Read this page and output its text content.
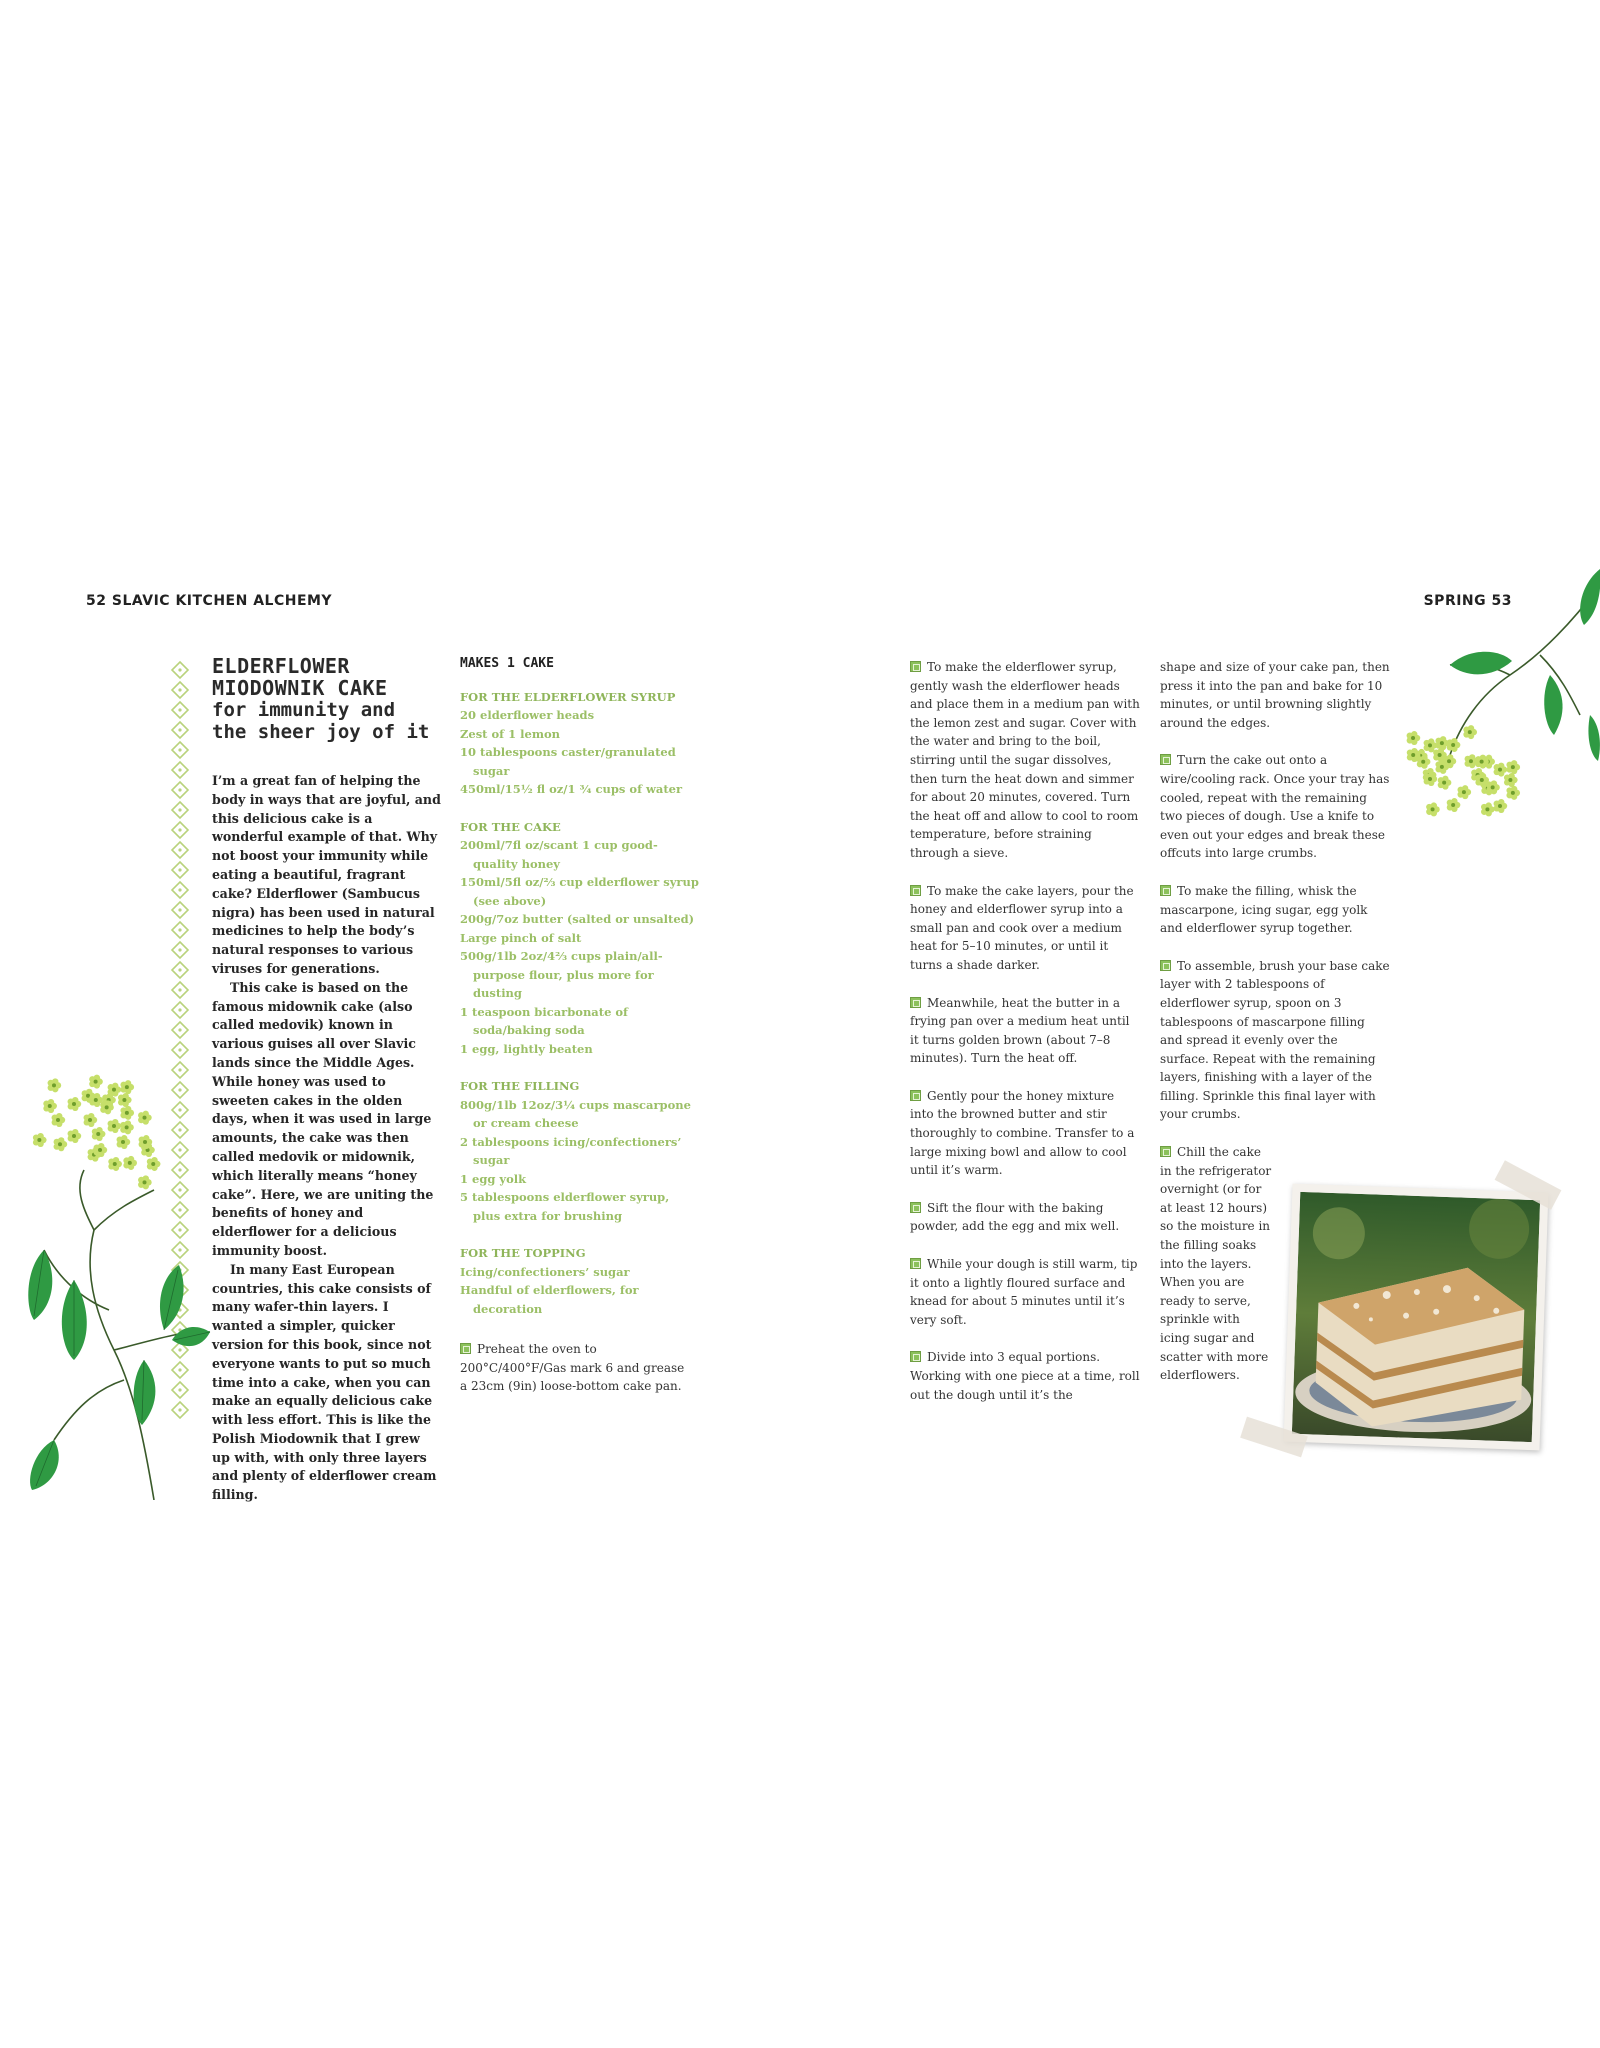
52 SLAVIC KITCHEN ALCHEMY	SPRING 53
ELDERFLOWER
MIODOWNIK CAKE
for immunity and
the sheer joy of it

I’m a great fan of helping the body in ways that are joyful, and this delicious cake is a wonderful example of that. Why not boost your immunity while eating a beautiful, fragrant cake? Elderflower (Sambucus nigra) has been used in natural medicines to help the body’s natural responses to various viruses for generations.

This cake is based on the famous midownik cake (also called medovik) known in various guises all over Slavic lands since the Middle Ages. While honey was used to sweeten cakes in the olden days, when it was used in large amounts, the cake was then called medovik or midownik, which literally means “honey cake”. Here, we are uniting the benefits of honey and elderflower for a delicious immunity boost.

In many East European countries, this cake consists of many wafer-thin layers. I wanted a simpler, quicker version for this book, since not everyone wants to put so much time into a cake, when you can make an equally delicious cake with less effort. This is like the Polish Miodownik that I grew up with, with only three layers and plenty of elderflower cream filling.

MAKES 1 CAKE
FOR THE ELDERFLOWER SYRUP
20 elderflower heads
Zest of 1 lemon
10 tablespoons caster/granulated sugar
450ml/15½ fl oz/1 ¾ cups of water
FOR THE CAKE
200ml/7fl oz/scant 1 cup good-quality honey
150ml/5fl oz/⅔ cup elderflower syrup (see above)
200g/7oz butter (salted or unsalted)
Large pinch of salt
500g/1lb 2oz/4⅔ cups plain/all-purpose flour, plus more for dusting
1 teaspoon bicarbonate of soda/baking soda
1 egg, lightly beaten
FOR THE FILLING
800g/1lb 12oz/3¼ cups mascarpone or cream cheese
2 tablespoons icing/confectioners’ sugar
1 egg yolk
5 tablespoons elderflower syrup, plus extra for brushing
FOR THE TOPPING
Icing/confectioners’ sugar
Handful of elderflowers, for decoration
Preheat the oven to 200°C/400°F/Gas mark 6 and grease a 23cm (9in) loose-bottom cake pan.
To make the elderflower syrup, gently wash the elderflower heads and place them in a medium pan with the lemon zest and sugar. Cover with the water and bring to the boil, stirring until the sugar dissolves, then turn the heat down and simmer for about 20 minutes, covered. Turn the heat off and allow to cool to room temperature, before straining through a sieve.
To make the cake layers, pour the honey and elderflower syrup into a small pan and cook over a medium heat for 5–10 minutes, or until it turns a shade darker.
Meanwhile, heat the butter in a frying pan over a medium heat until it turns golden brown (about 7–8 minutes). Turn the heat off.
Gently pour the honey mixture into the browned butter and stir thoroughly to combine. Transfer to a large mixing bowl and allow to cool until it’s warm.
Sift the flour with the baking powder, add the egg and mix well.
While your dough is still warm, tip it onto a lightly floured surface and knead for about 5 minutes until it’s very soft.
Divide into 3 equal portions. Working with one piece at a time, roll out the dough until it’s the
shape and size of your cake pan, then press it into the pan and bake for 10 minutes, or until browning slightly around the edges.
Turn the cake out onto a wire/cooling rack. Once your tray has cooled, repeat with the remaining two pieces of dough. Use a knife to even out your edges and break these offcuts into large crumbs.
To make the filling, whisk the mascarpone, icing sugar, egg yolk and elderflower syrup together.
To assemble, brush your base cake layer with 2 tablespoons of elderflower syrup, spoon on 3 tablespoons of mascarpone filling and spread it evenly over the surface. Repeat with the remaining layers, finishing with a layer of the filling. Sprinkle this final layer with your crumbs.
Chill the cake in the refrigerator overnight (or for at least 12 hours) so the moisture in the filling soaks into the layers. When you are ready to serve, sprinkle with icing sugar and scatter with more elderflowers.
